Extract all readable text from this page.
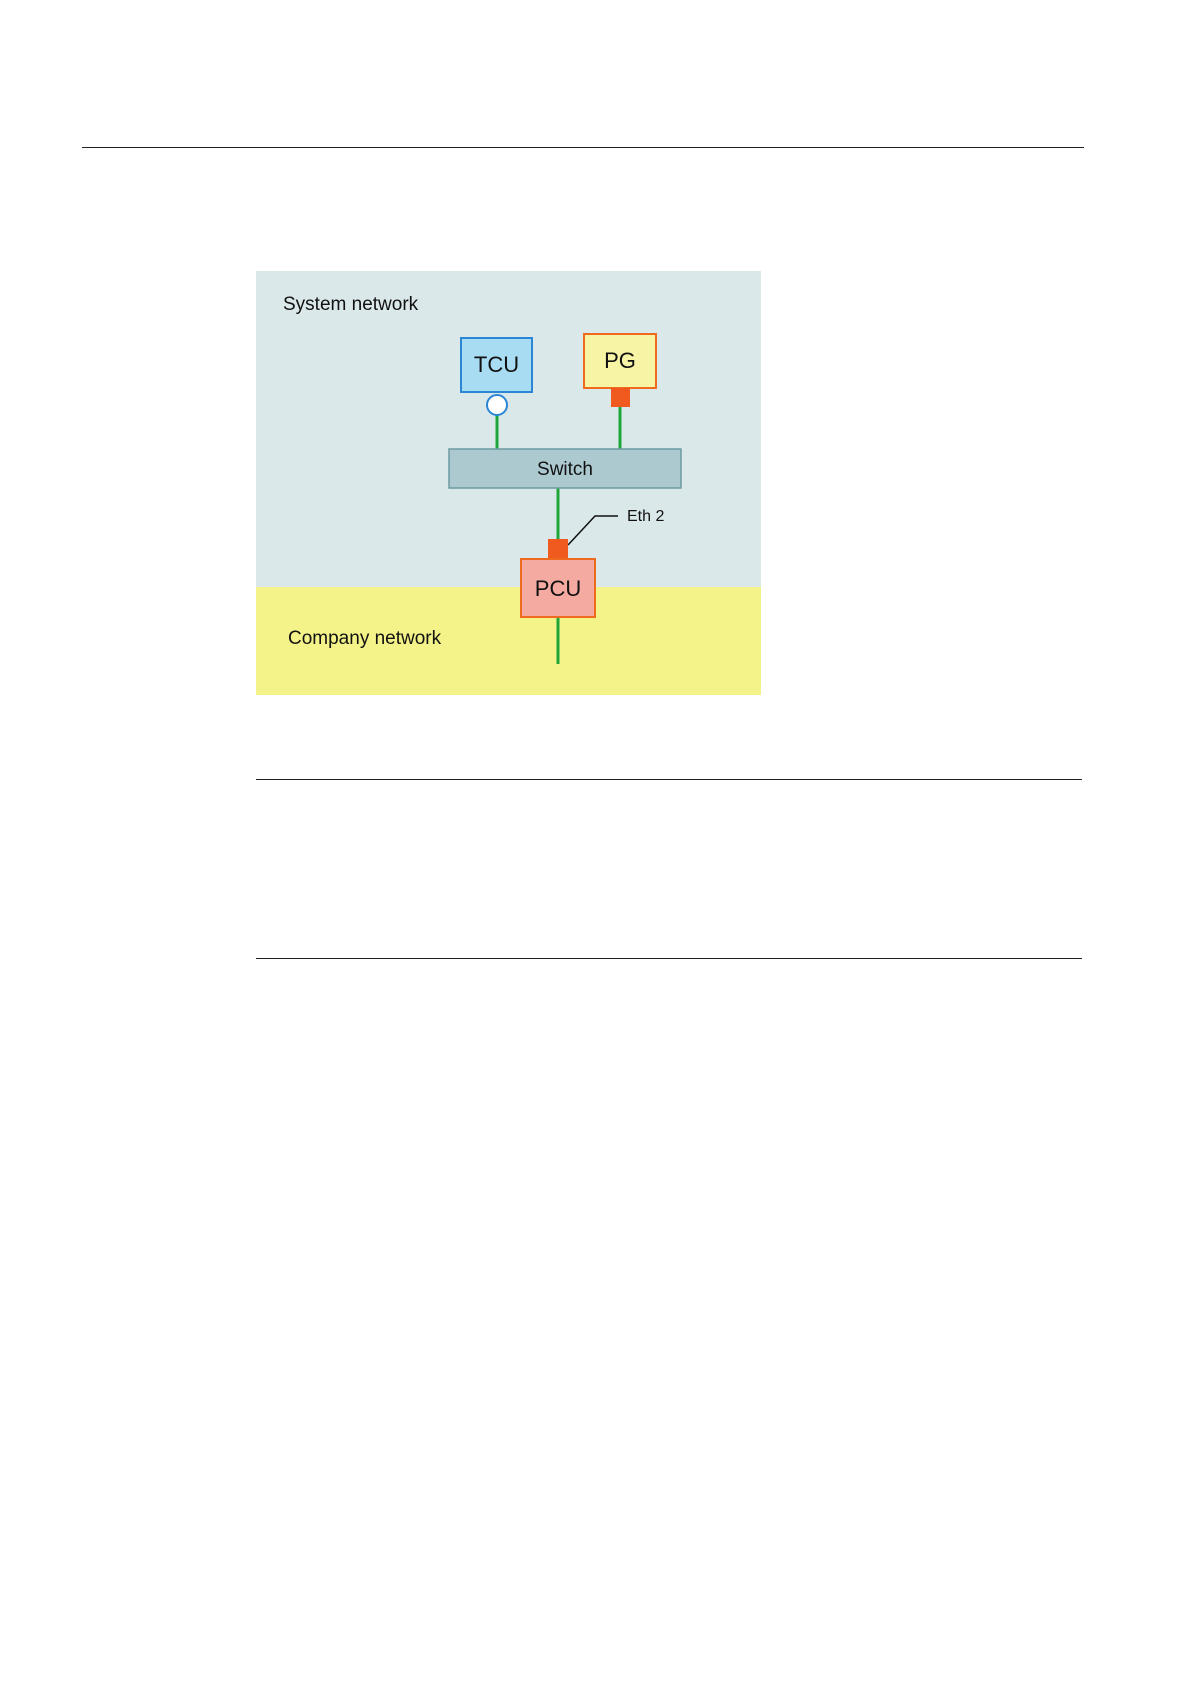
System network
Company network
TCU	PG
Switch
Eth 2
PCU
